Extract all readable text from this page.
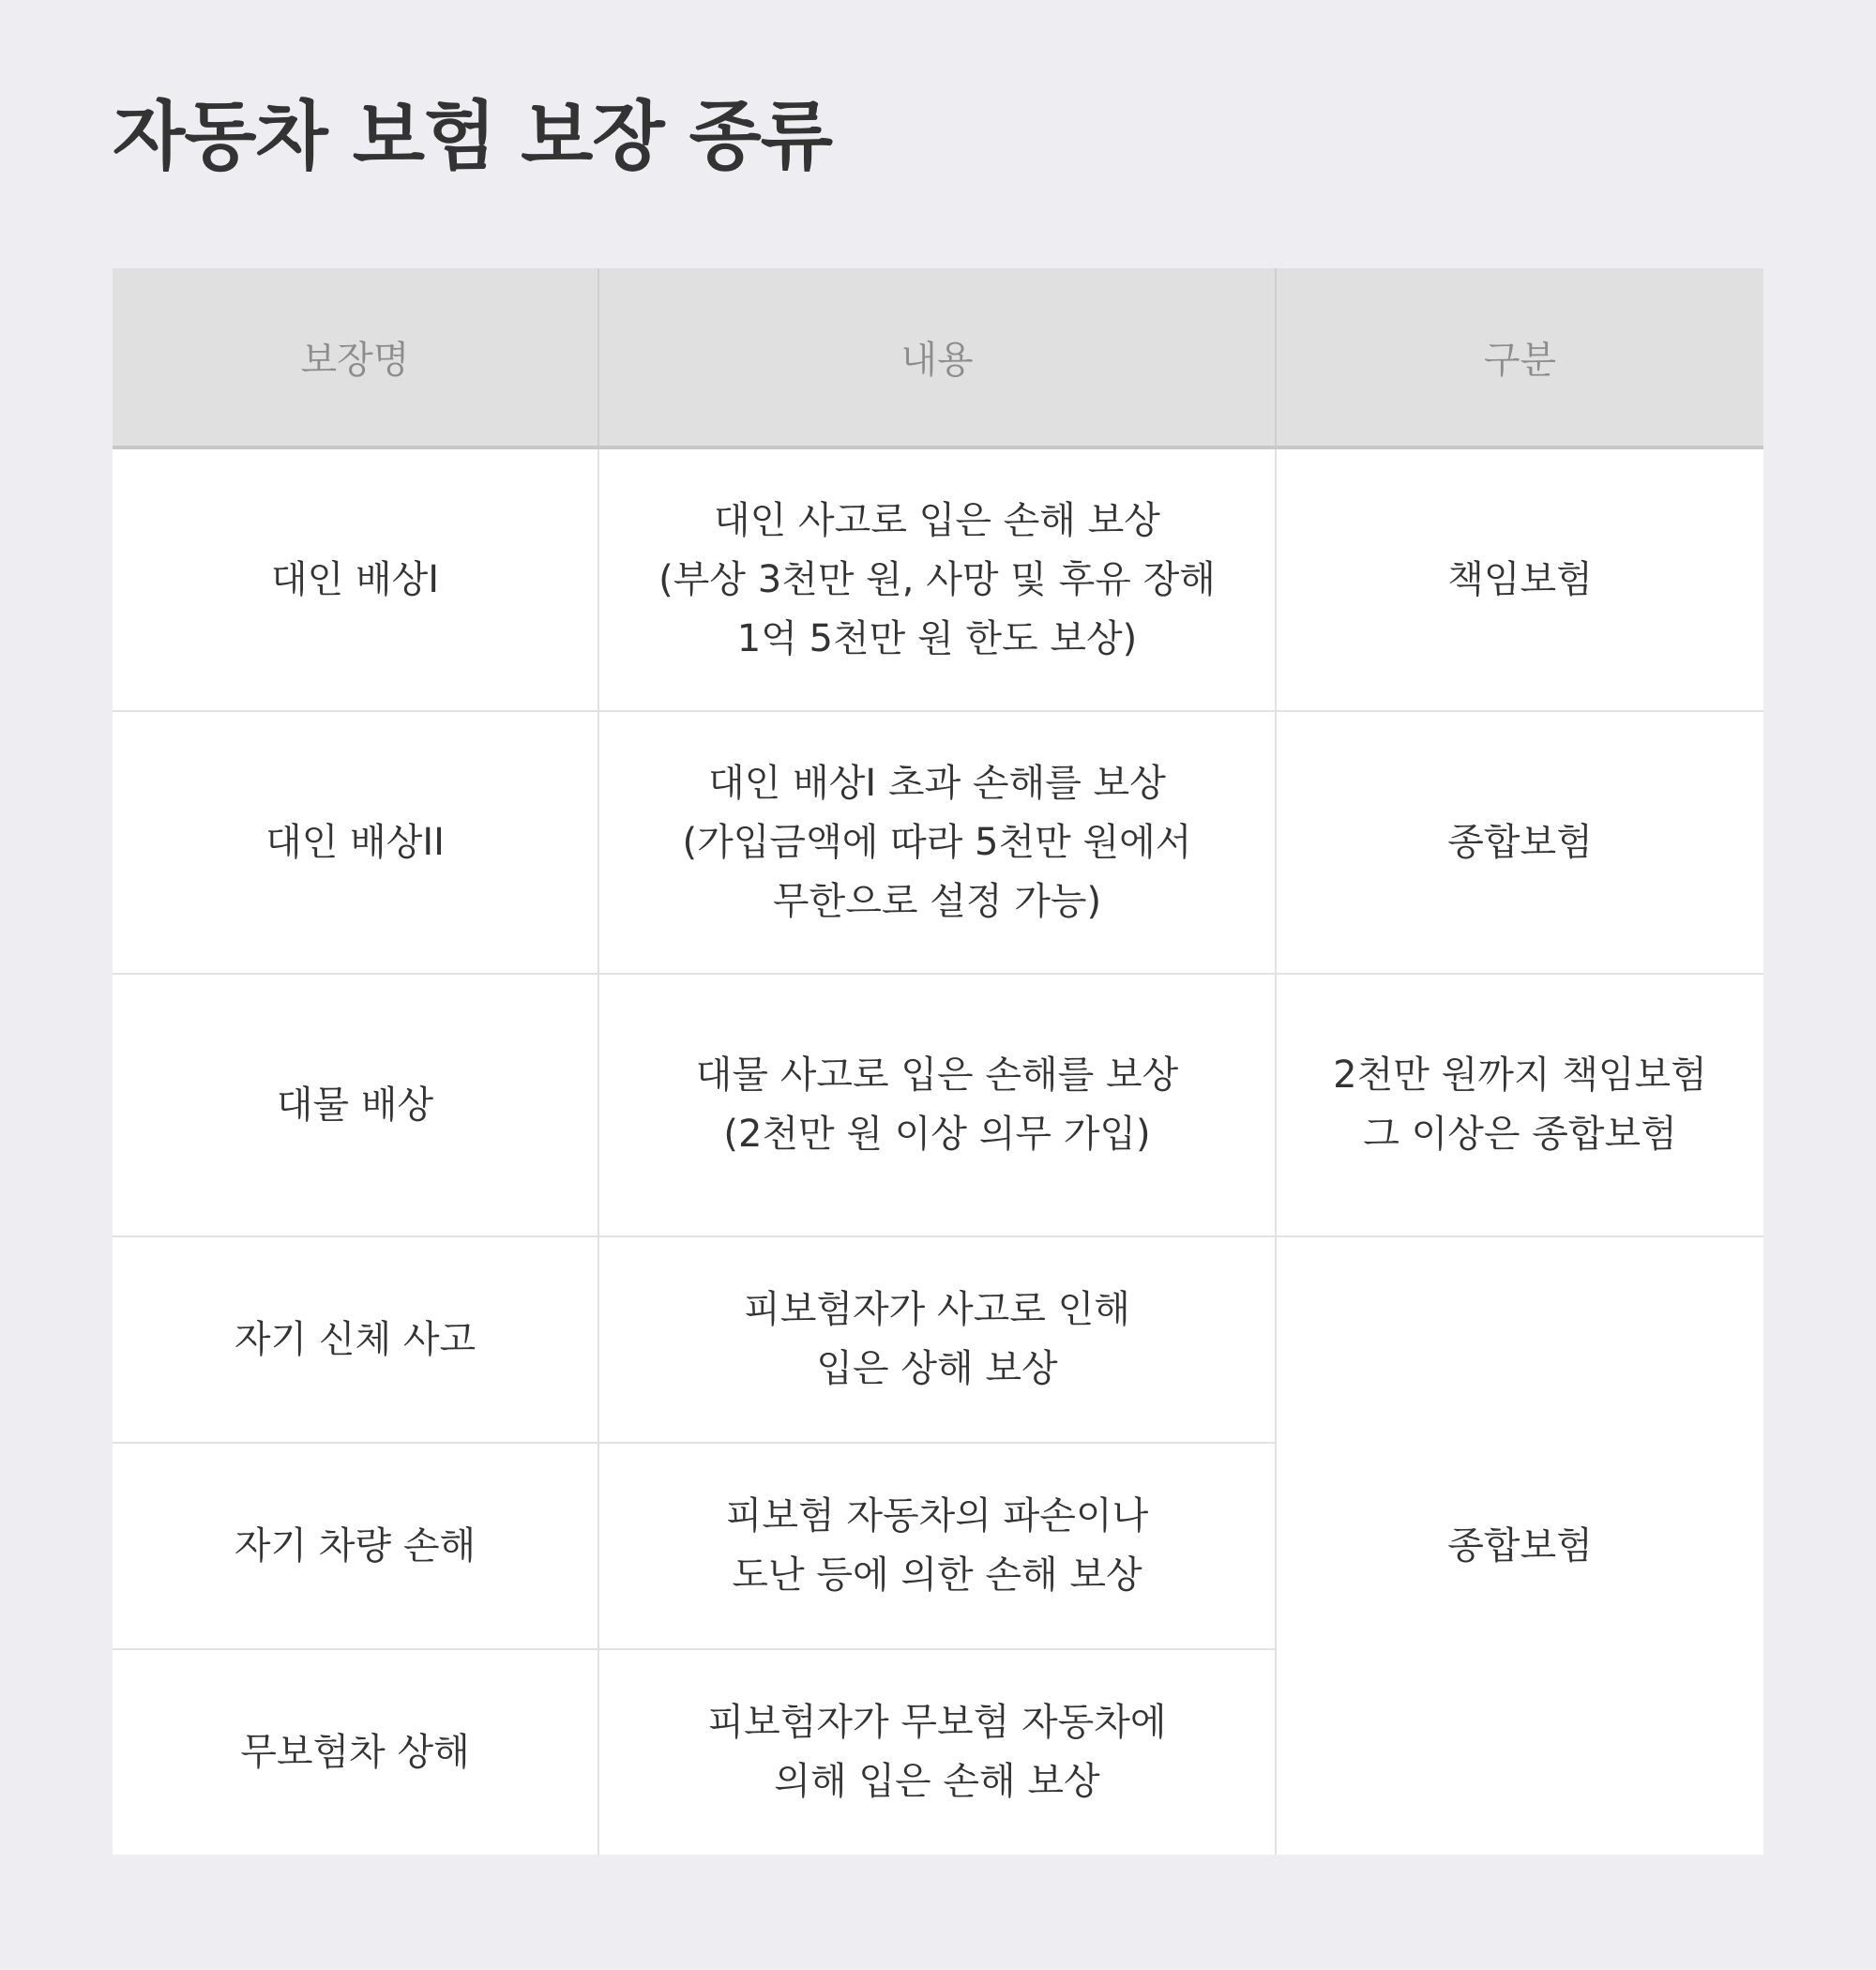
자동차 보험 보장 종류
보장명	내용	구분

대인 배상I	대인 사고로 입은 손해 보상
(부상 3천만 원, 사망 및 후유 장해
1억 5천만 원 한도 보상)	책임보험

대인 배상II	대인 배상I 초과 손해를 보상
(가입금액에 따라 5천만 원에서
무한으로 설정 가능)	종합보험

대물 배상	대물 사고로 입은 손해를 보상
(2천만 원 이상 의무 가입)	2천만 원까지 책임보험
그 이상은 종합보험

자기 신체 사고	피보험자가 사고로 인해
입은 상해 보상	종합보험

자기 차량 손해	피보험 자동차의 파손이나
도난 등에 의한 손해 보상	

무보험차 상해	피보험자가 무보험 자동차에
의해 입은 손해 보상	
